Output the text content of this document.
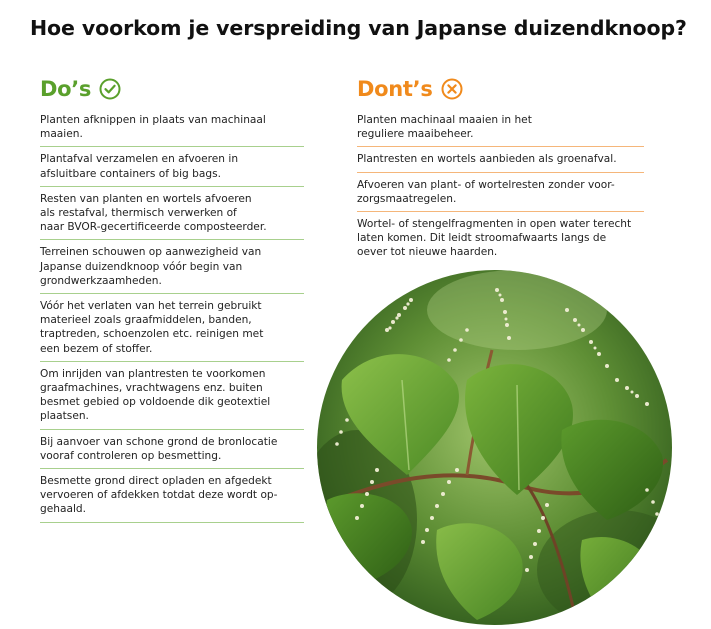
Hoe voorkom je verspreiding van Japanse duizendknoop?
Do’s
Planten afknippen in plaats van machinaal
maaien.
Plantafval verzamelen en afvoeren in
afsluitbare containers of big bags.
Resten van planten en wortels afvoeren
als restafval, thermisch verwerken of
naar BVOR-gecertificeerde composteerder.
Terreinen schouwen op aanwezigheid van
Japanse duizendknoop vóór begin van
grondwerkzaamheden.
Vóór het verlaten van het terrein gebruikt
materieel zoals graafmiddelen, banden,
traptreden, schoenzolen etc. reinigen met
een bezem of stoffer.
Om inrijden van plantresten te voorkomen
graafmachines, vrachtwagens enz. buiten
besmet gebied op voldoende dik geotextiel
plaatsen.
Bij aanvoer van schone grond de bronlocatie
vooraf controleren op besmetting.
Besmette grond direct opladen en afgedekt
vervoeren of afdekken totdat deze wordt op-
gehaald.
Dont’s
Planten machinaal maaien in het
reguliere maaibeheer.
Plantresten en wortels aanbieden als groenafval.
Afvoeren van plant- of wortelresten zonder voor-
zorgsmaatregelen.
Wortel- of stengelfragmenten in open water terecht
laten komen. Dit leidt stroomafwaarts langs de
oever tot nieuwe haarden.
